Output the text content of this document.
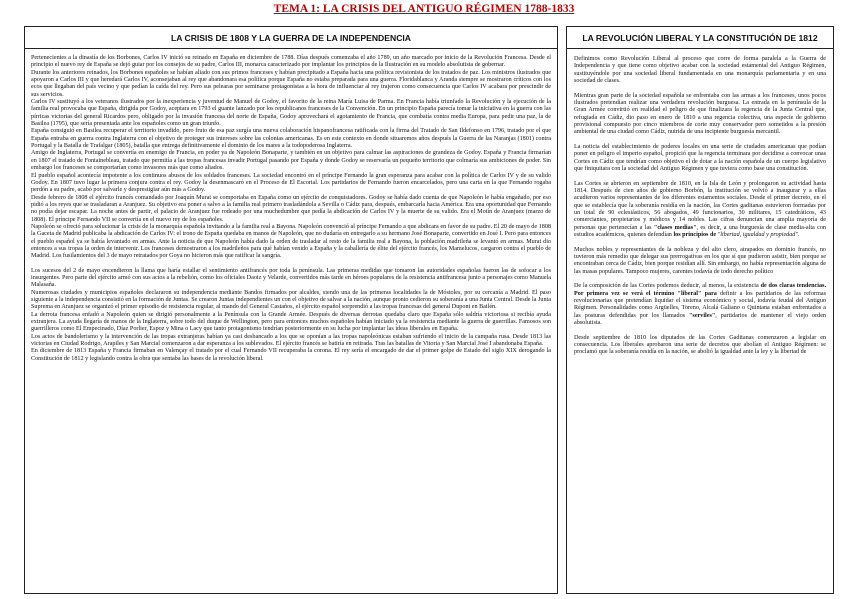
TEMA 1: LA CRISIS DEL ANTIGUO RÉGIMEN 1788-1833
LA CRISIS DE 1808 Y LA GUERRA DE LA INDEPENDENCIA

Pertenecientes a la dinastía de los Borbones, Carlos IV inició su reinado en España en diciembre de 1788. Días después comenzaba el año 1789, un año marcado por inicio de la Revolución Francesa. Desde el principio el nuevo rey de España se dejó guiar por los consejos de su padre, Carlos III, monarca caracterizado por implantar los principios de la Ilustración en su modelo absolutista de gobernar.

Durante los anteriores reinados, los Borbones españoles se habían aliado con sus primos franceses y habían precipitado a España hacia una política revisionista de los tratados de paz. Los ministros ilustrados que apoyaron a Carlos III y que heredará Carlos IV, aconsejaban al rey que abandonara esa política porque España no estaba preparada para una guerra. Floridablanca y Aranda siempre se mostraron críticos con los ecos que llegaban del país vecino y que pedían la caída del rey. Pero sus pelearas por seminarse protagonistas a la hora de influenciar al rey trajeron como consecuencia que Carlos IV acabara por prescindir de sus servicios.

Carlos IV sustituyó a los veteranos ilustrados por la inexperiencia y juventud de Manuel de Godoy, el favorito de la reina María Luisa de Parma. En Francia había triunfado la Revolución y la ejecución de la familia real provocaba que España, dirigida por Godoy, aceptara en 1793 el guante lanzado por los republicanos franceses de la Convención. En un principio España parecía tomar la iniciativa en la guerra con las pírricas victorias del general Ricardos pero, obligado por la invasión francesa del norte de España, Godoy aprovechará el agotamiento de Francia, que combatía contra media Europa, para pedir una paz, la de Basilea (1795), que sería presentada ante los españoles como un gran triunfo.

España consiguió en Basilea recuperar el territorio invadido, pero fruto de esa paz surgía una nueva colaboración hispanofrancesa ratificada con la firma del Tratado de San Ildefonso en 1796, tratado por el que España entraba en guerra contra Inglaterra con el objetivo de proteger sus intereses sobre las colonias americanas. Es en este contexto en donde situaremos años después la Guerra de las Naranjas (1801) contra Portugal y la Batalla de Trafalgar (1805), batalla que entrega definitivamente el dominio de los mares a la todopoderosa Inglaterra.

Amigo de Inglaterra, Portugal se convertía en enemigo de Francia, en poder ya de Napoleón Bonaparte, y también en un objetivo para calmar las aspiraciones de grandeza de Godoy. España y Francia firmarían en 1807 el tratado de Fontainebleau, tratado que permitía a las tropas francesas invadir Portugal pasando por España y donde Godoy se reservaría un pequeño territorio que colmaría sus ambiciones de poder. Sin embargo los franceses se comportarían como invasores más que como aliados.

El pueblo español acontecía impotente a los continuos abusos de los soldados franceses. La sociedad encontró en el príncipe Fernando la gran esperanza para acabar con la política de Carlos IV y de su valido Godoy. En 1807 tuvo lugar la primera conjura contra el rey. Godoy la desenmascaró en el Proceso de El Escorial. Los partidarios de Fernando fueron encarcelados, pero una carta en la que Fernando rogaba perdón a su padre, acabó por salvarle y desprestigiar aún más a Godoy.

Desde febrero de 1808 el ejército francés comandado por Joaquín Murat se comportaba en España como un ejército de conquistadores. Godoy se había dado cuenta de que Napoleón le había engañado, por eso pidió a los reyes que se trasladaran a Aranjuez. Su objetivo era poner a salvo a la familia real primero trasladándola a Sevilla o Cádiz para, después, embarcarla hacia América. Era una oportunidad que Fernando no podía dejar escapar. La noche antes de partir, el palacio de Aranjuez fue rodeado por una muchedumbre que pedía la abdicación de Carlos IV y la muerte de su valido. Era el Motín de Aranjuez (marzo de 1808). El príncipe Fernando VII se convertía en el nuevo rey de los españoles.

Napoleón se ofreció para solucionar la crisis de la monarquía española invitando a la familia real a Bayona. Napoleón convenció al príncipe Fernando a que abdicara en favor de su padre. El 20 de mayo de 1808 la Gaceta de Madrid publicaba la abdicación de Carlos IV: el trono de España quedaba en manos de Napoleón, que no dudaría en entregarlo a su hermano José Bonaparte, convertido en José I. Pero para entonces el pueblo español ya se había levantado en armas. Ante la noticia de que Napoleón había dado la orden de trasladar al resto de la familia real a Bayona, la población madrileña se levantó en armas. Murat dio entonces a sus tropas la orden de intervenir. Los franceses demostraron a los madrileños para qué habían venido a España y la caballería de élite del ejército francés, los Mamelucos, cargaron contra el pueblo de Madrid. Los fusilamientos del 3 de mayo retratados por Goya no hicieron más que ratificar la sangría.

Los sucesos del 2 de mayo encendieron la llama que haría estallar el sentimiento antifrancés por toda la península. Las primeras medidas que tomaron las autoridades españolas fueron las de sofocar a los insurgentes. Pero parte del ejército armó con sus actos a la rebelión, como los oficiales Daoiz y Velarde, convertidos más tarde en héroes populares de la resistencia antifrancesa junto a personajes como Manuela Malasaña.

Numerosas ciudades y municipios españoles declararon su independencia mediante Bandos firmados por alcaldes, siendo una de las primeras localidades la de Móstoles, por su cercanía a Madrid. El paso siguiente a la independencia consistió en la formación de Juntas. Se crearon Juntas independientes un con el objetivo de salvar a la nación, aunque pronto cedieron su soberanía a una Junta Central. Desde la Junta Suprema en Aranjuez se organizó el primer episodio de resistencia regular, al mando del General Castaños, el ejército español sorprendió a las tropas francesas del general Dupont en Bailén.

La derrota francesa enfadó a Napoleón quien se dirigió personalmente a la Península con la Grande Armée. Después de diversas derrotas quedaba claro que España sólo saldría victoriosa si recibía ayuda extranjera. La ayuda llegaría de manos de la Inglaterra, sobre todo del duque de Wellington, pero para entonces muchos españoles habían iniciado ya la resistencia mediante la guerra de guerrillas. Famosos son guerrilleros como El Empecinado, Díaz Porlier, Espoz y Mina o Lacy que tanto protagonismo tendrían posteriormente en su lucha por implantar las ideas liberales en España.

Los actos de bandolerismo y la intervención de las tropas extranjeras habían ya casi desbancado a los que se oponían a las tropas napoleónicas estaban sufriendo el inicio de la campaña rusa. Desde 1813 las victorias en Ciudad Rodrigo, Arapiles y San Marcial comenzaron a dar esperanza a los sublevados. El ejército francés se batiría en retirada. Tras las batallas de Vitoria y San Marcial José I abandonaba España.

En diciembre de 1813 España y Francia firmaban en Valençay el tratado por el cual Fernando VII recuperaba la corona. El rey sería el encargado de dar el primer golpe de Estado del siglo XIX derogando la Constitución de 1812 y legislando contra la obra que sentaba las bases de la revolución liberal.

LA REVOLUCIÓN LIBERAL Y LA CONSTITUCIÓN DE 1812

Definimos como Revolución Liberal al proceso que corre de forma paralela a la Guerra de Independencia y que tiene como objetivo acabar con la sociedad estamental del Antiguo Régimen, sustituyéndole por una sociedad liberal fundamentada en una monarquía parlamentaria y en una sociedad de clases.

Mientras gran parte de la sociedad española se enfrentaba con las armas a los franceses, unos pocos ilustrados pretendían realizar una verdadera revolución burguesa. La entrada en la península de la Gran Armée convirtió en realidad el peligro de que finalizara la regencia de la Junta Central que, refugiada en Cádiz, dio paso en enero de 1810 a una regencia colectiva, una especie de gobierno provisional compuesto por cinco miembros de corte muy conservador pero sometidos a la presión ambiental de una ciudad como Cádiz, nutrida de una incipiente burguesía mercantil.

La noticia del establecimiento de poderes locales en una serie de ciudades americanas que podían poner en peligro el imperio español, propició que la regencia terminara por decidirse a convocar unas Cortes en Cádiz que tendrían como objetivo el de dotar a la nación española de un cuerpo legislativo que finiquitara con la sociedad del Antiguo Régimen y que tuviera como base una constitución.

Las Cortes se abrieron en septiembre de 1810, en la Isla de León y prolongaron su actividad hasta 1814. Después de cien años de gobierno Borbón, la institución se volvió a inaugurar y a ellas acudieron varios representantes de los diferentes estamentos sociales. Desde el primer decreto, en el que se establecía que la soberanía residía en la nación, las Cortes gaditanas estuvieron formadas por un total de 90 eclesiásticos, 56 abogados, 49 funcionarios, 30 militares, 15 catedráticos, 43 comerciantes, propietarios y médicos y 14 nobles. Las cifras denuncian una amplia mayoría de personas que pertenecían a las "clases medias", es decir, a una burguesía de clase media-alta con estudios académicos, quienes defendían los principios de "libertad, igualdad y propiedad".

Muchos nobles y representantes de la nobleza y del alto clero, atrapados en dominio francés, no tuvieron más remedio que delegar sus prerrogativas en los que sí que pudieron asistir, bien porque se encontraban cerca de Cádiz, bien porque residían allí. Sin embargo, no había representación alguna de las masas populares. Tampoco mujeres, carentes todavía de todo derecho político

De la composición de las Cortes podemos deducir, al menos, la existencia de dos claras tendencias. Por primera vez se verá el término "liberal" para definir a los partidarios de las reformas revolucionarias que pretendían liquidar el sistema económico y social, todavía feudal del Antiguo Régimen. Personalidades como Argüelles, Toreno, Alcalá Galiano o Quintana estaban enfrentados a las posturas defendidas por los llamados "serviles", partidarios de mantener el viejo orden absolutista.

Desde septiembre de 1810 los diputados de las Cortes Gaditanas comenzaron a legislar en consecuencia. Los liberales aprobaron una serie de decretos que abolían el Antiguo Régimen: se proclamó que la soberanía residía en la nación, se abolió la igualdad ante la ley y la libertad de
